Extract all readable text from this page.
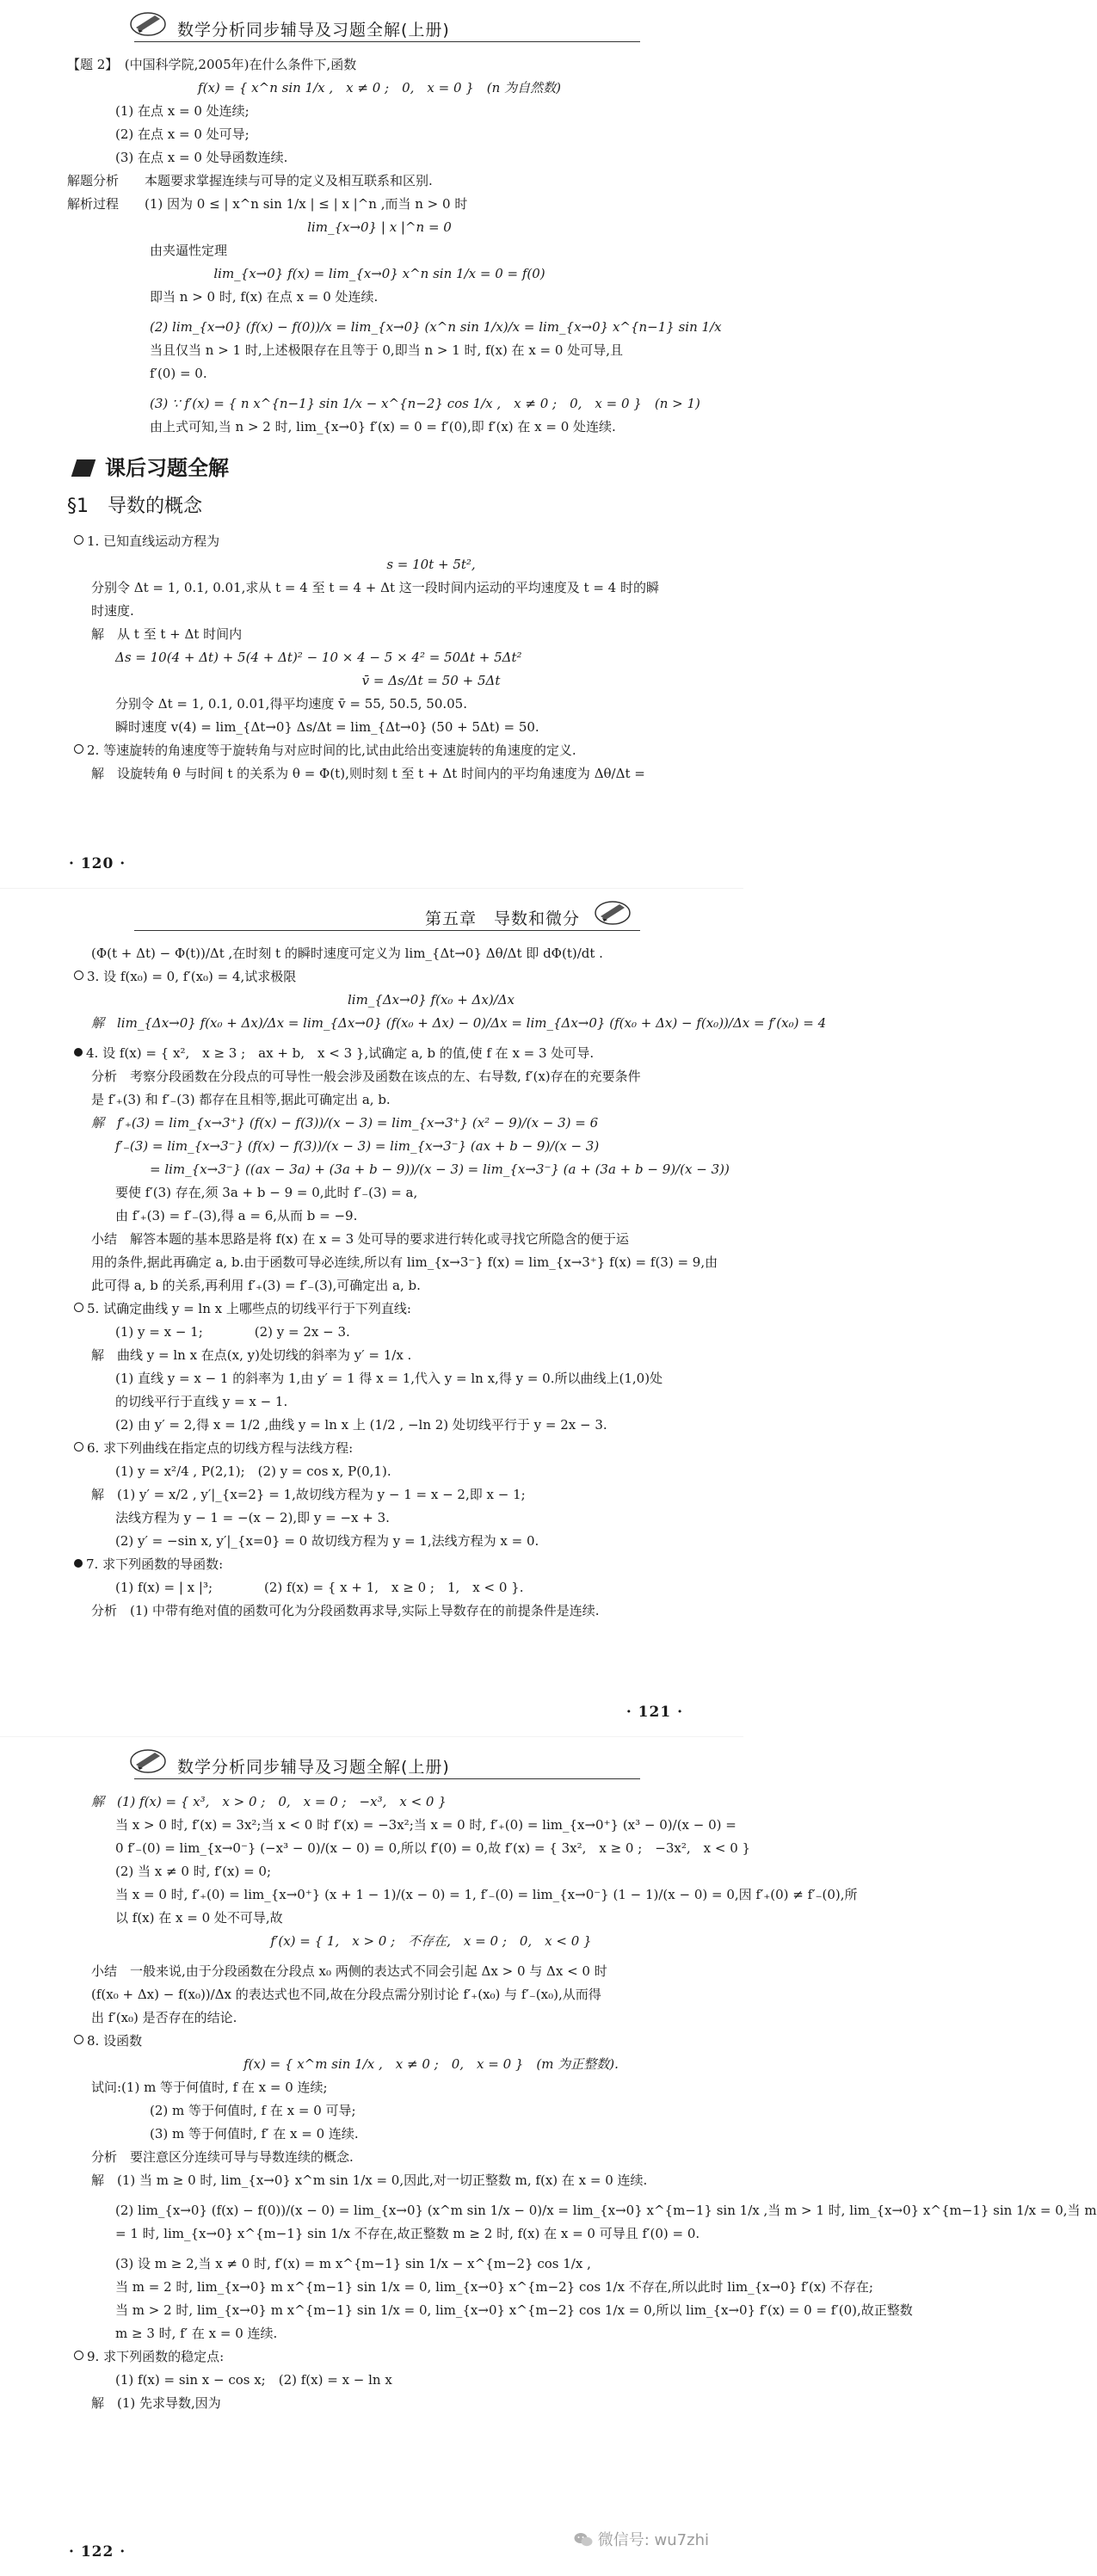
数学分析同步辅导及习题全解(上册)
【题 2】　(中国科学院,2005年)在什么条件下,函数
f(x) = { x^n sin 1/x ,　x ≠ 0 ;　0,　x = 0 }　(n 为自然数)
(1) 在点 x = 0 处连续;
(2) 在点 x = 0 处可导;
(3) 在点 x = 0 处导函数连续.
解题分析　　本题要求掌握连续与可导的定义及相互联系和区别.
解析过程　　(1) 因为 0 ≤ | x^n sin 1/x | ≤ | x |^n ,而当 n > 0 时
lim_{x→0} | x |^n = 0
由夹逼性定理
lim_{x→0} f(x) = lim_{x→0} x^n sin 1/x = 0 = f(0)
即当 n > 0 时, f(x) 在点 x = 0 处连续.
(2) lim_{x→0} (f(x) − f(0))/x = lim_{x→0} (x^n sin 1/x)/x = lim_{x→0} x^{n−1} sin 1/x
当且仅当 n > 1 时,上述极限存在且等于 0,即当 n > 1 时, f(x) 在 x = 0 处可导,且
f′(0) = 0.
(3) ∵ f′(x) = { n x^{n−1} sin 1/x − x^{n−2} cos 1/x ,　x ≠ 0 ;　0,　x = 0 }　(n > 1)
由上式可知,当 n > 2 时, lim_{x→0} f′(x) = 0 = f′(0),即 f′(x) 在 x = 0 处连续.
课后习题全解
§1　导数的概念
1. 已知直线运动方程为
s = 10t + 5t²,
分别令 Δt = 1, 0.1, 0.01,求从 t = 4 至 t = 4 + Δt 这一段时间内运动的平均速度及 t = 4 时的瞬
时速度.
解　从 t 至 t + Δt 时间内
Δs = 10(4 + Δt) + 5(4 + Δt)² − 10 × 4 − 5 × 4² = 50Δt + 5Δt²
v̄ = Δs/Δt = 50 + 5Δt
分别令 Δt = 1, 0.1, 0.01,得平均速度 v̄ = 55, 50.5, 50.05.
瞬时速度 v(4) = lim_{Δt→0} Δs/Δt = lim_{Δt→0} (50 + 5Δt) = 50.
2. 等速旋转的角速度等于旋转角与对应时间的比,试由此给出变速旋转的角速度的定义.
解　设旋转角 θ 与时间 t 的关系为 θ = Φ(t),则时刻 t 至 t + Δt 时间内的平均角速度为 Δθ/Δt =
· 120 ·
第五章　导数和微分
(Φ(t + Δt) − Φ(t))/Δt ,在时刻 t 的瞬时速度可定义为 lim_{Δt→0} Δθ/Δt 即 dΦ(t)/dt .
3. 设 f(x₀) = 0, f′(x₀) = 4,试求极限
lim_{Δx→0} f(x₀ + Δx)/Δx
解　lim_{Δx→0} f(x₀ + Δx)/Δx = lim_{Δx→0} (f(x₀ + Δx) − 0)/Δx = lim_{Δx→0} (f(x₀ + Δx) − f(x₀))/Δx = f′(x₀) = 4
4. 设 f(x) = { x²,　x ≥ 3 ;　ax + b,　x < 3 },试确定 a, b 的值,使 f 在 x = 3 处可导.
分析　考察分段函数在分段点的可导性一般会涉及函数在该点的左、右导数, f′(x)存在的充要条件
是 f′₊(3) 和 f′₋(3) 都存在且相等,据此可确定出 a, b.
解　f′₊(3) = lim_{x→3⁺} (f(x) − f(3))/(x − 3) = lim_{x→3⁺} (x² − 9)/(x − 3) = 6
f′₋(3) = lim_{x→3⁻} (f(x) − f(3))/(x − 3) = lim_{x→3⁻} (ax + b − 9)/(x − 3)
= lim_{x→3⁻} ((ax − 3a) + (3a + b − 9))/(x − 3) = lim_{x→3⁻} (a + (3a + b − 9)/(x − 3))
要使 f′(3) 存在,须 3a + b − 9 = 0,此时 f′₋(3) = a,
由 f′₊(3) = f′₋(3),得 a = 6,从而 b = −9.
小结　解答本题的基本思路是将 f(x) 在 x = 3 处可导的要求进行转化或寻找它所隐含的便于运
用的条件,据此再确定 a, b.由于函数可导必连续,所以有 lim_{x→3⁻} f(x) = lim_{x→3⁺} f(x) = f(3) = 9,由
此可得 a, b 的关系,再利用 f′₊(3) = f′₋(3),可确定出 a, b.
5. 试确定曲线 y = ln x 上哪些点的切线平行于下列直线:
(1) y = x − 1;　　　　(2) y = 2x − 3.
解　曲线 y = ln x 在点(x, y)处切线的斜率为 y′ = 1/x .
(1) 直线 y = x − 1 的斜率为 1,由 y′ = 1 得 x = 1,代入 y = ln x,得 y = 0.所以曲线上(1,0)处
的切线平行于直线 y = x − 1.
(2) 由 y′ = 2,得 x = 1/2 ,曲线 y = ln x 上 (1/2 , −ln 2) 处切线平行于 y = 2x − 3.
6. 求下列曲线在指定点的切线方程与法线方程:
(1) y = x²/4 , P(2,1);　(2) y = cos x, P(0,1).
解　(1) y′ = x/2 , y′|_{x=2} = 1,故切线方程为 y − 1 = x − 2,即 x − 1;
法线方程为 y − 1 = −(x − 2),即 y = −x + 3.
(2) y′ = −sin x, y′|_{x=0} = 0 故切线方程为 y = 1,法线方程为 x = 0.
7. 求下列函数的导函数:
(1) f(x) = | x |³;　　　　(2) f(x) = { x + 1,　x ≥ 0 ;　1,　x < 0 }.
分析　(1) 中带有绝对值的函数可化为分段函数再求导,实际上导数存在的前提条件是连续.
· 121 ·
数学分析同步辅导及习题全解(上册)
解　(1) f(x) = { x³,　x > 0 ;　0,　x = 0 ;　−x³,　x < 0 }
当 x > 0 时, f′(x) = 3x²;当 x < 0 时 f′(x) = −3x²;当 x = 0 时, f′₊(0) = lim_{x→0⁺} (x³ − 0)/(x − 0) =
0 f′₋(0) = lim_{x→0⁻} (−x³ − 0)/(x − 0) = 0,所以 f′(0) = 0,故 f′(x) = { 3x²,　x ≥ 0 ;　−3x²,　x < 0 }
(2) 当 x ≠ 0 时, f′(x) = 0;
当 x = 0 时, f′₊(0) = lim_{x→0⁺} (x + 1 − 1)/(x − 0) = 1, f′₋(0) = lim_{x→0⁻} (1 − 1)/(x − 0) = 0,因 f′₊(0) ≠ f′₋(0),所
以 f(x) 在 x = 0 处不可导,故
f′(x) = { 1,　x > 0 ;　不存在,　x = 0 ;　0,　x < 0 }
小结　一般来说,由于分段函数在分段点 x₀ 两侧的表达式不同会引起 Δx > 0 与 Δx < 0 时
(f(x₀ + Δx) − f(x₀))/Δx 的表达式也不同,故在分段点需分别讨论 f′₊(x₀) 与 f′₋(x₀),从而得
出 f′(x₀) 是否存在的结论.
8. 设函数
f(x) = { x^m sin 1/x ,　x ≠ 0 ;　0,　x = 0 }　(m 为正整数).
试问:(1) m 等于何值时, f 在 x = 0 连续;
(2) m 等于何值时, f 在 x = 0 可导;
(3) m 等于何值时, f′ 在 x = 0 连续.
分析　要注意区分连续可导与导数连续的概念.
解　(1) 当 m ≥ 0 时, lim_{x→0} x^m sin 1/x = 0,因此,对一切正整数 m, f(x) 在 x = 0 连续.
(2) lim_{x→0} (f(x) − f(0))/(x − 0) = lim_{x→0} (x^m sin 1/x − 0)/x = lim_{x→0} x^{m−1} sin 1/x ,当 m > 1 时, lim_{x→0} x^{m−1} sin 1/x = 0,当 m
= 1 时, lim_{x→0} x^{m−1} sin 1/x 不存在,故正整数 m ≥ 2 时, f(x) 在 x = 0 可导且 f′(0) = 0.
(3) 设 m ≥ 2,当 x ≠ 0 时, f′(x) = m x^{m−1} sin 1/x − x^{m−2} cos 1/x ,
当 m = 2 时, lim_{x→0} m x^{m−1} sin 1/x = 0, lim_{x→0} x^{m−2} cos 1/x 不存在,所以此时 lim_{x→0} f′(x) 不存在;
当 m > 2 时, lim_{x→0} m x^{m−1} sin 1/x = 0, lim_{x→0} x^{m−2} cos 1/x = 0,所以 lim_{x→0} f′(x) = 0 = f′(0),故正整数
m ≥ 3 时, f′ 在 x = 0 连续.
9. 求下列函数的稳定点:
(1) f(x) = sin x − cos x;　(2) f(x) = x − ln x
解　(1) 先求导数,因为
· 122 ·
微信号: wu7zhi
